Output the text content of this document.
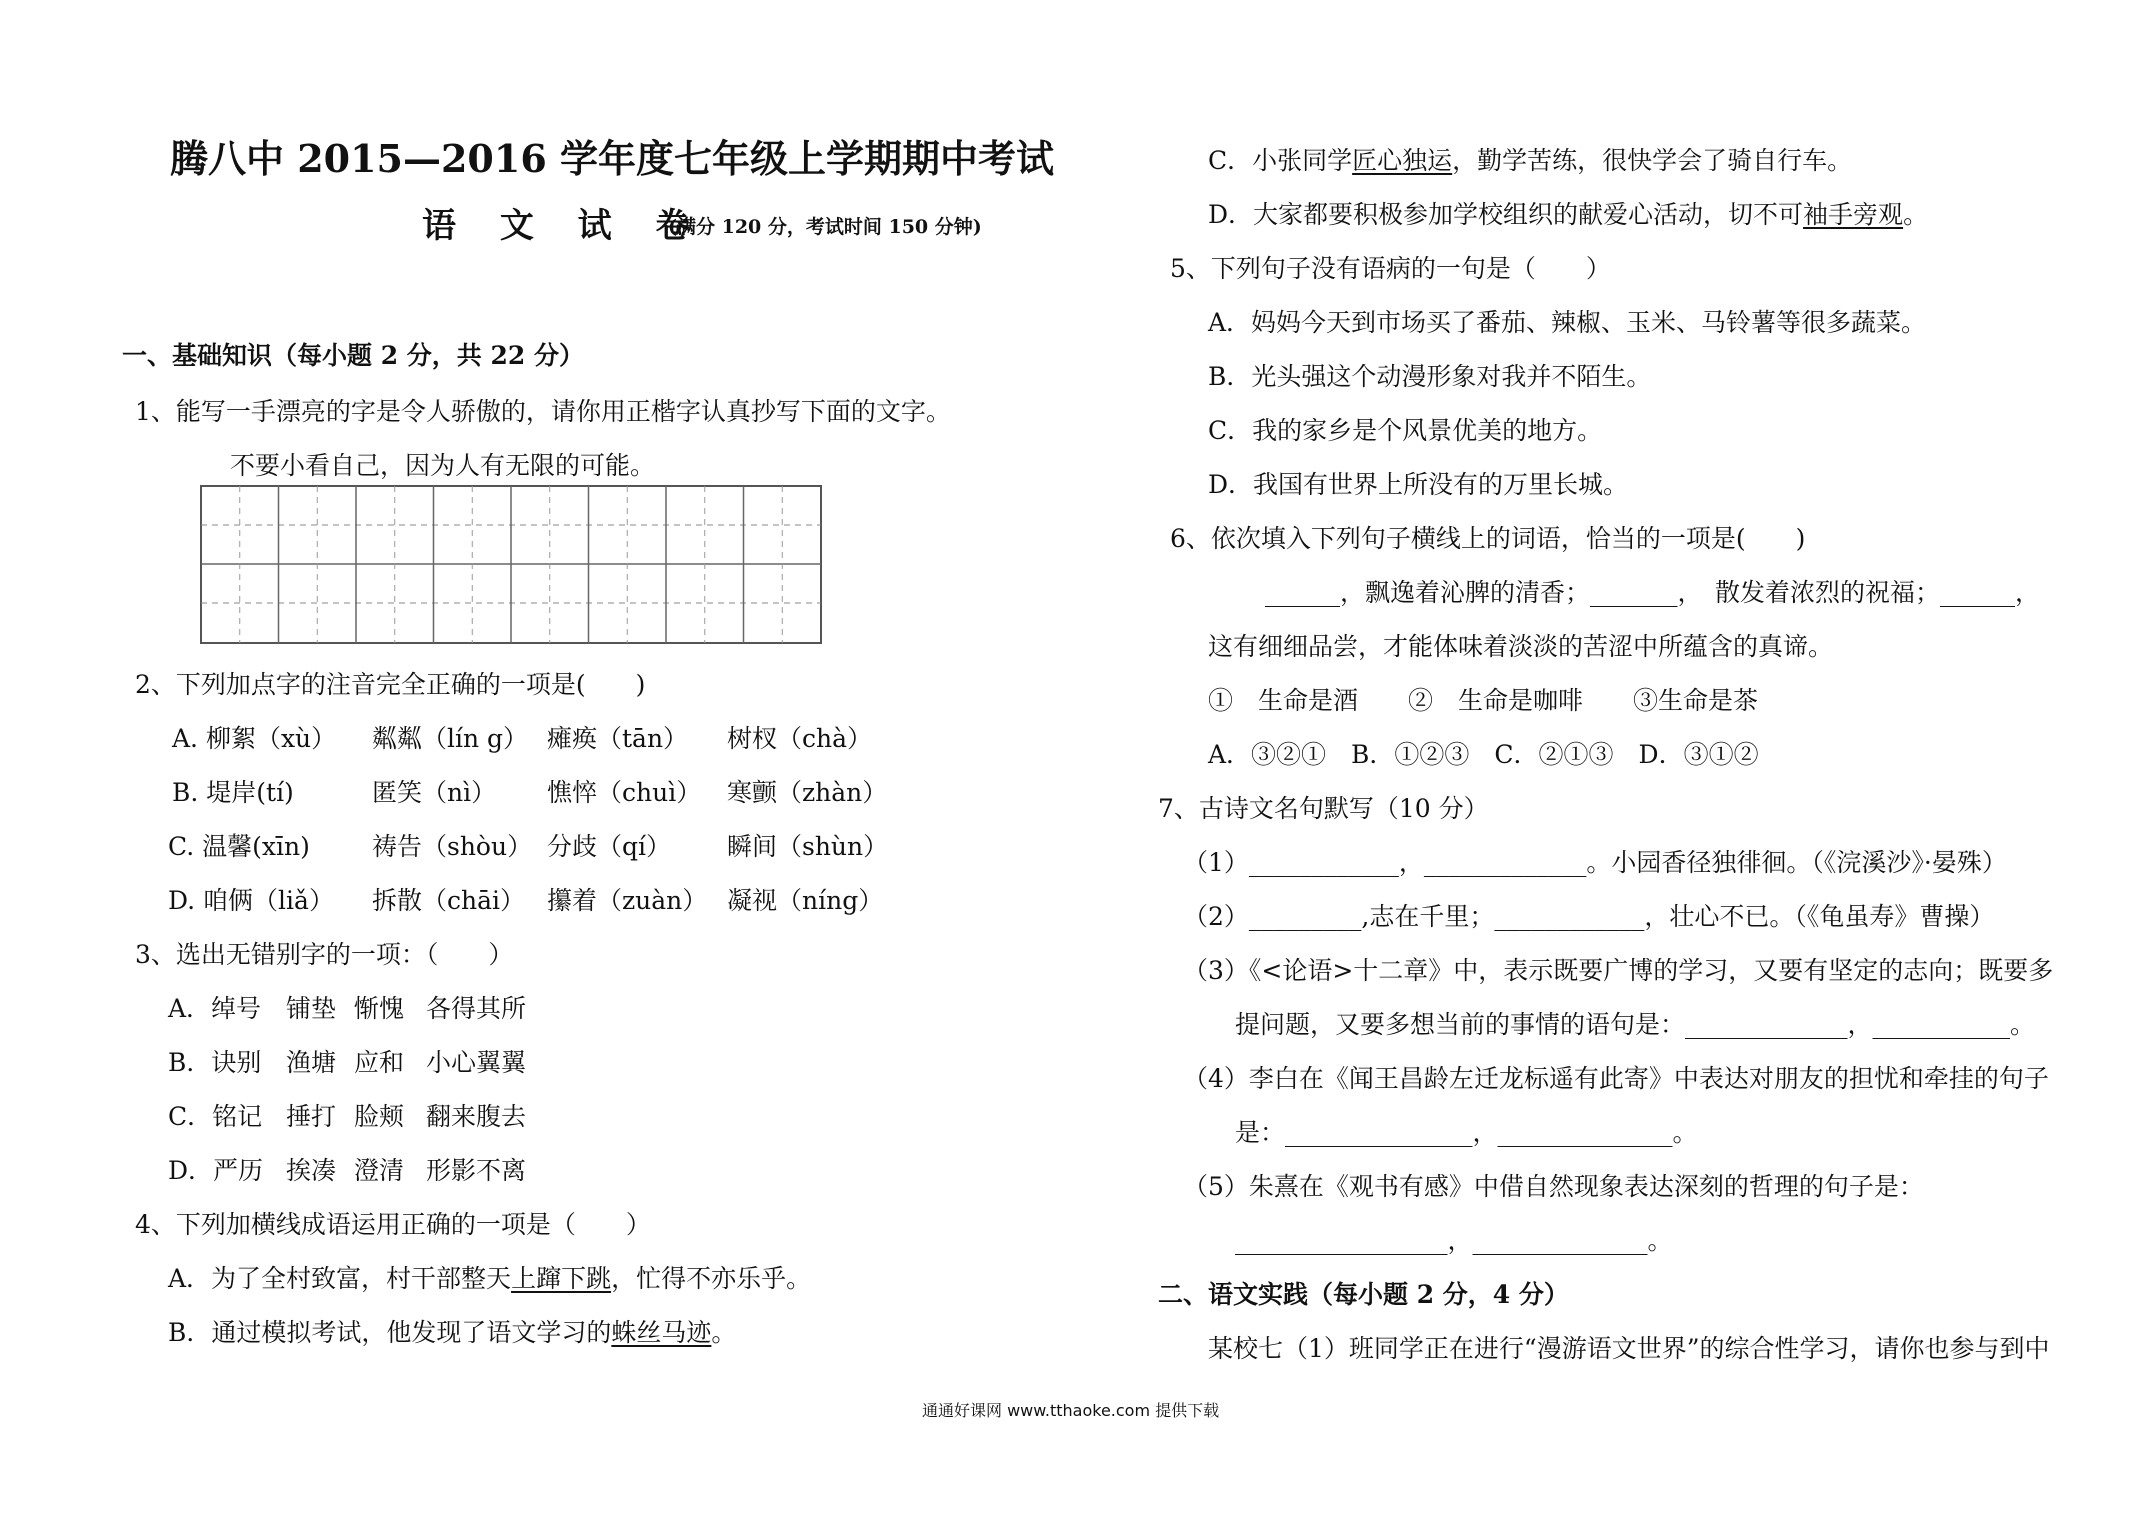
腾八中 2015—2016 学年度七年级上学期期中考试
语 文 试 卷
(满分 120 分，考试时间 150 分钟)
一、基础知识（每小题 2 分，共 22 分）
1、能写一手漂亮的字是令人骄傲的，请你用正楷字认真抄写下面的文字。
不要小看自己，因为人有无限的可能。
2、下列加点字的注音完全正确的一项是(　　)
A. 柳絮（xù） 粼粼（lín g） 瘫痪（tān） 树杈（chà）
B. 堤岸(tí)	匿笑（nì） 憔悴（chuì） 寒颤（zhàn）
C. 温馨(xīn) 祷告（shòu） 分歧（qí） 瞬间（shùn）
D. 咱俩（liǎ） 拆散（chāi） 攥着（zuàn） 凝视（níng）
3、选出无错别字的一项：（　　）
A．绰号 铺垫 惭愧 各得其所
B．诀别 渔塘 应和 小心翼翼
C．铭记 捶打 脸颊 翻来腹去
D．严历 挨凑 澄清 形影不离
4、下列加横线成语运用正确的一项是（　　）
A．为了全村致富，村干部整天上蹿下跳，忙得不亦乐乎。
B．通过模拟考试，他发现了语文学习的蛛丝马迹。
通通好课网 www.tthaoke.com 提供下载
C．小张同学匠心独运，勤学苦练，很快学会了骑自行车。
D．大家都要积极参加学校组织的献爱心活动，切不可袖手旁观。
5、下列句子没有语病的一句是（　　）
A．妈妈今天到市场买了番茄、辣椒、玉米、马铃薯等很多蔬菜。
B．光头强这个动漫形象对我并不陌生。
C．我的家乡是个风景优美的地方。
D．我国有世界上所没有的万里长城。
6、依次填入下列句子横线上的词语，恰当的一项是(　　)
______，飘逸着沁脾的清香；_______，　散发着浓烈的祝福；______，
这有细细品尝，才能体味着淡淡的苦涩中所蕴含的真谛。
①　生命是酒　　②　生命是咖啡　　③生命是茶
A．③②①　B．①②③　C．②①③　D．③①②
7、古诗文名句默写（10 分）
（1）____________，_____________。小园香径独徘徊。（《浣溪沙》·晏殊）
（2）_________,志在千里；____________，壮心不已。（《龟虽寿》曹操）
（3）《<论语>十二章》中，表示既要广博的学习，又要有坚定的志向；既要多
提问题，又要多想当前的事情的语句是：_____________，___________。
（4）李白在《闻王昌龄左迁龙标遥有此寄》中表达对朋友的担忧和牵挂的句子
是：_______________，______________。
（5）朱熹在《观书有感》中借自然现象表达深刻的哲理的句子是：
_________________，______________。
二、语文实践（每小题 2 分，4 分）
某校七（1）班同学正在进行“漫游语文世界”的综合性学习，请你也参与到中
